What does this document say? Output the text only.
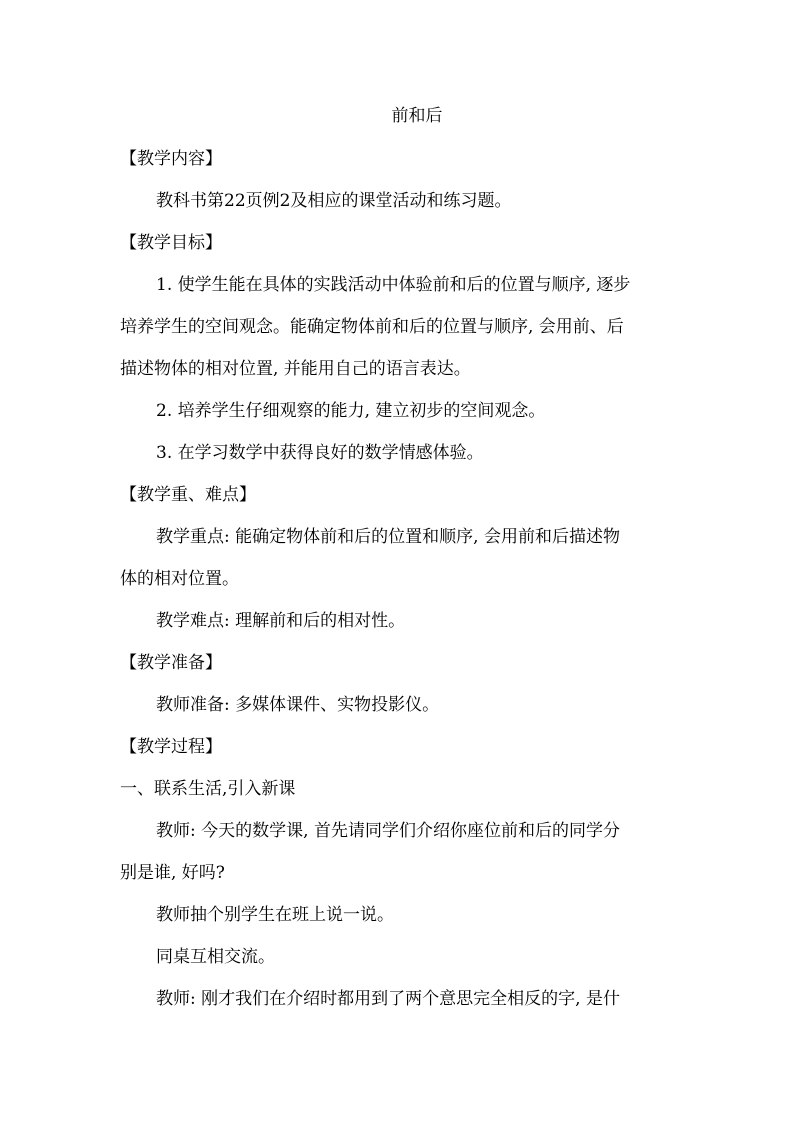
前和后
【教学内容】
教科书第22页例2及相应的课堂活动和练习题。
【教学目标】
1. 使学生能在具体的实践活动中体验前和后的位置与顺序, 逐步
培养学生的空间观念。能确定物体前和后的位置与顺序, 会用前、后
描述物体的相对位置, 并能用自己的语言表达。
2. 培养学生仔细观察的能力, 建立初步的空间观念。
3. 在学习数学中获得良好的数学情感体验。
【教学重、难点】
教学重点: 能确定物体前和后的位置和顺序, 会用前和后描述物
体的相对位置。
教学难点: 理解前和后的相对性。
【教学准备】
教师准备: 多媒体课件、实物投影仪。
【教学过程】
一、联系生活,引入新课
教师: 今天的数学课, 首先请同学们介绍你座位前和后的同学分
别是谁, 好吗?
教师抽个别学生在班上说一说。
同桌互相交流。
教师: 刚才我们在介绍时都用到了两个意思完全相反的字, 是什
